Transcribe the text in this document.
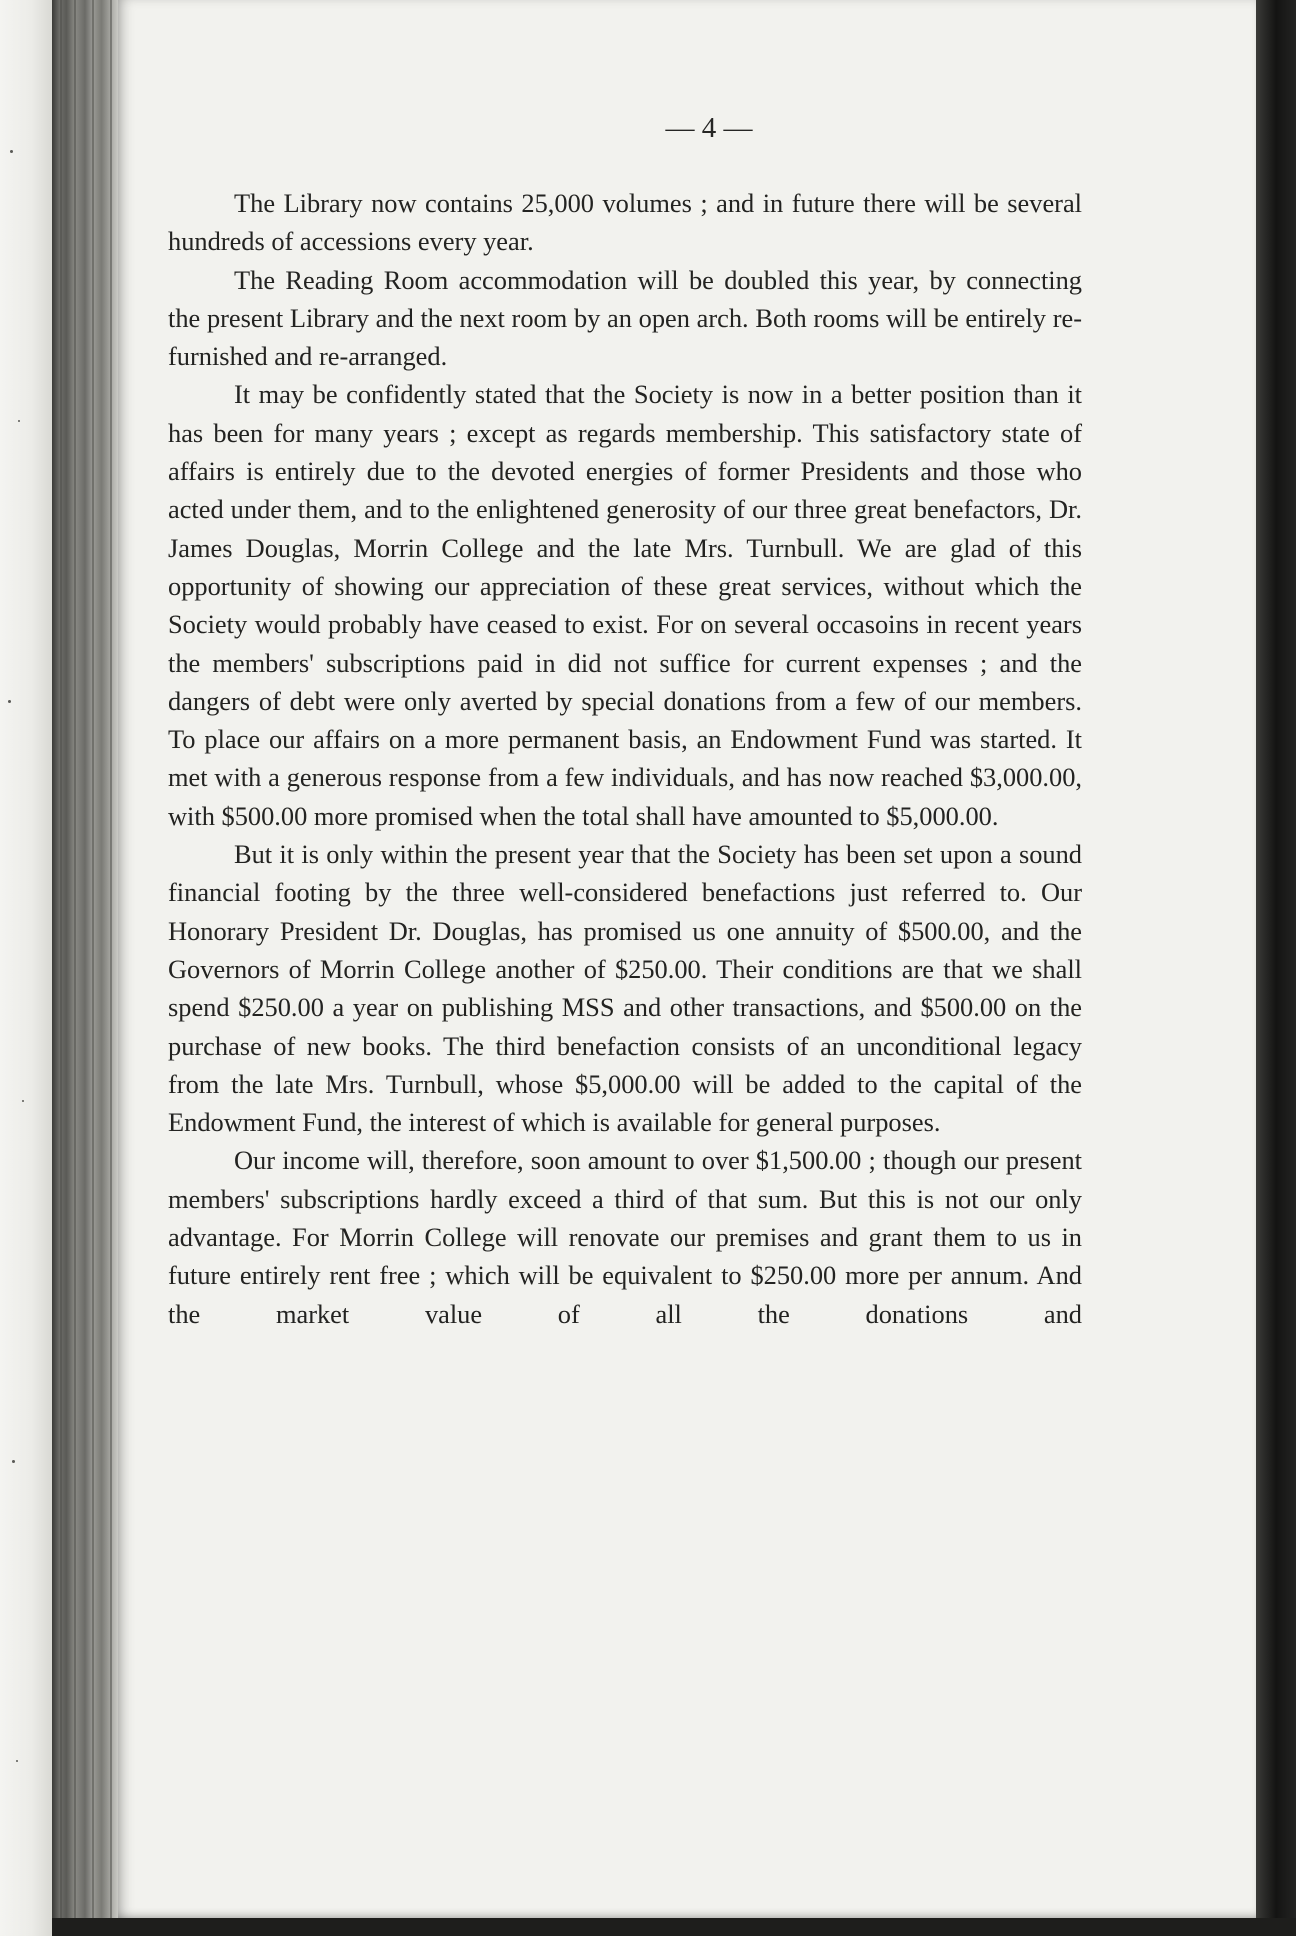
— 4 —

The Library now contains 25,000 volumes ; and in future there will be several hundreds of accessions every year.

The Reading Room accommodation will be doubled this year, by connecting the present Library and the next room by an open arch. Both rooms will be entirely re-furnished and re-arranged.

It may be confidently stated that the Society is now in a better position than it has been for many years ; except as regards membership. This satisfactory state of affairs is entirely due to the devoted energies of former Presidents and those who acted under them, and to the enlightened generosity of our three great benefactors, Dr. James Douglas, Morrin College and the late Mrs. Turnbull. We are glad of this opportunity of showing our appreciation of these great services, without which the Society would probably have ceased to exist. For on several occasoins in recent years the members' subscriptions paid in did not suffice for current expenses ; and the dangers of debt were only averted by special donations from a few of our members. To place our affairs on a more permanent basis, an Endowment Fund was started. It met with a generous response from a few individuals, and has now reached $3,000.00, with $500.00 more promised when the total shall have amounted to $5,000.00.

But it is only within the present year that the Society has been set upon a sound financial footing by the three well-considered benefactions just referred to. Our Honorary President Dr. Douglas, has promised us one annuity of $500.00, and the Governors of Morrin College another of $250.00. Their conditions are that we shall spend $250.00 a year on publishing MSS and other transactions, and $500.00 on the purchase of new books. The third benefaction consists of an unconditional legacy from the late Mrs. Turnbull, whose $5,000.00 will be added to the capital of the Endowment Fund, the interest of which is available for general purposes.

Our income will, therefore, soon amount to over $1,500.00 ; though our present members' subscriptions hardly exceed a third of that sum. But this is not our only advantage. For Morrin College will renovate our premises and grant them to us in future entirely rent free ; which will be equivalent to $250.00 more per annum. And the market value of all the donations and
